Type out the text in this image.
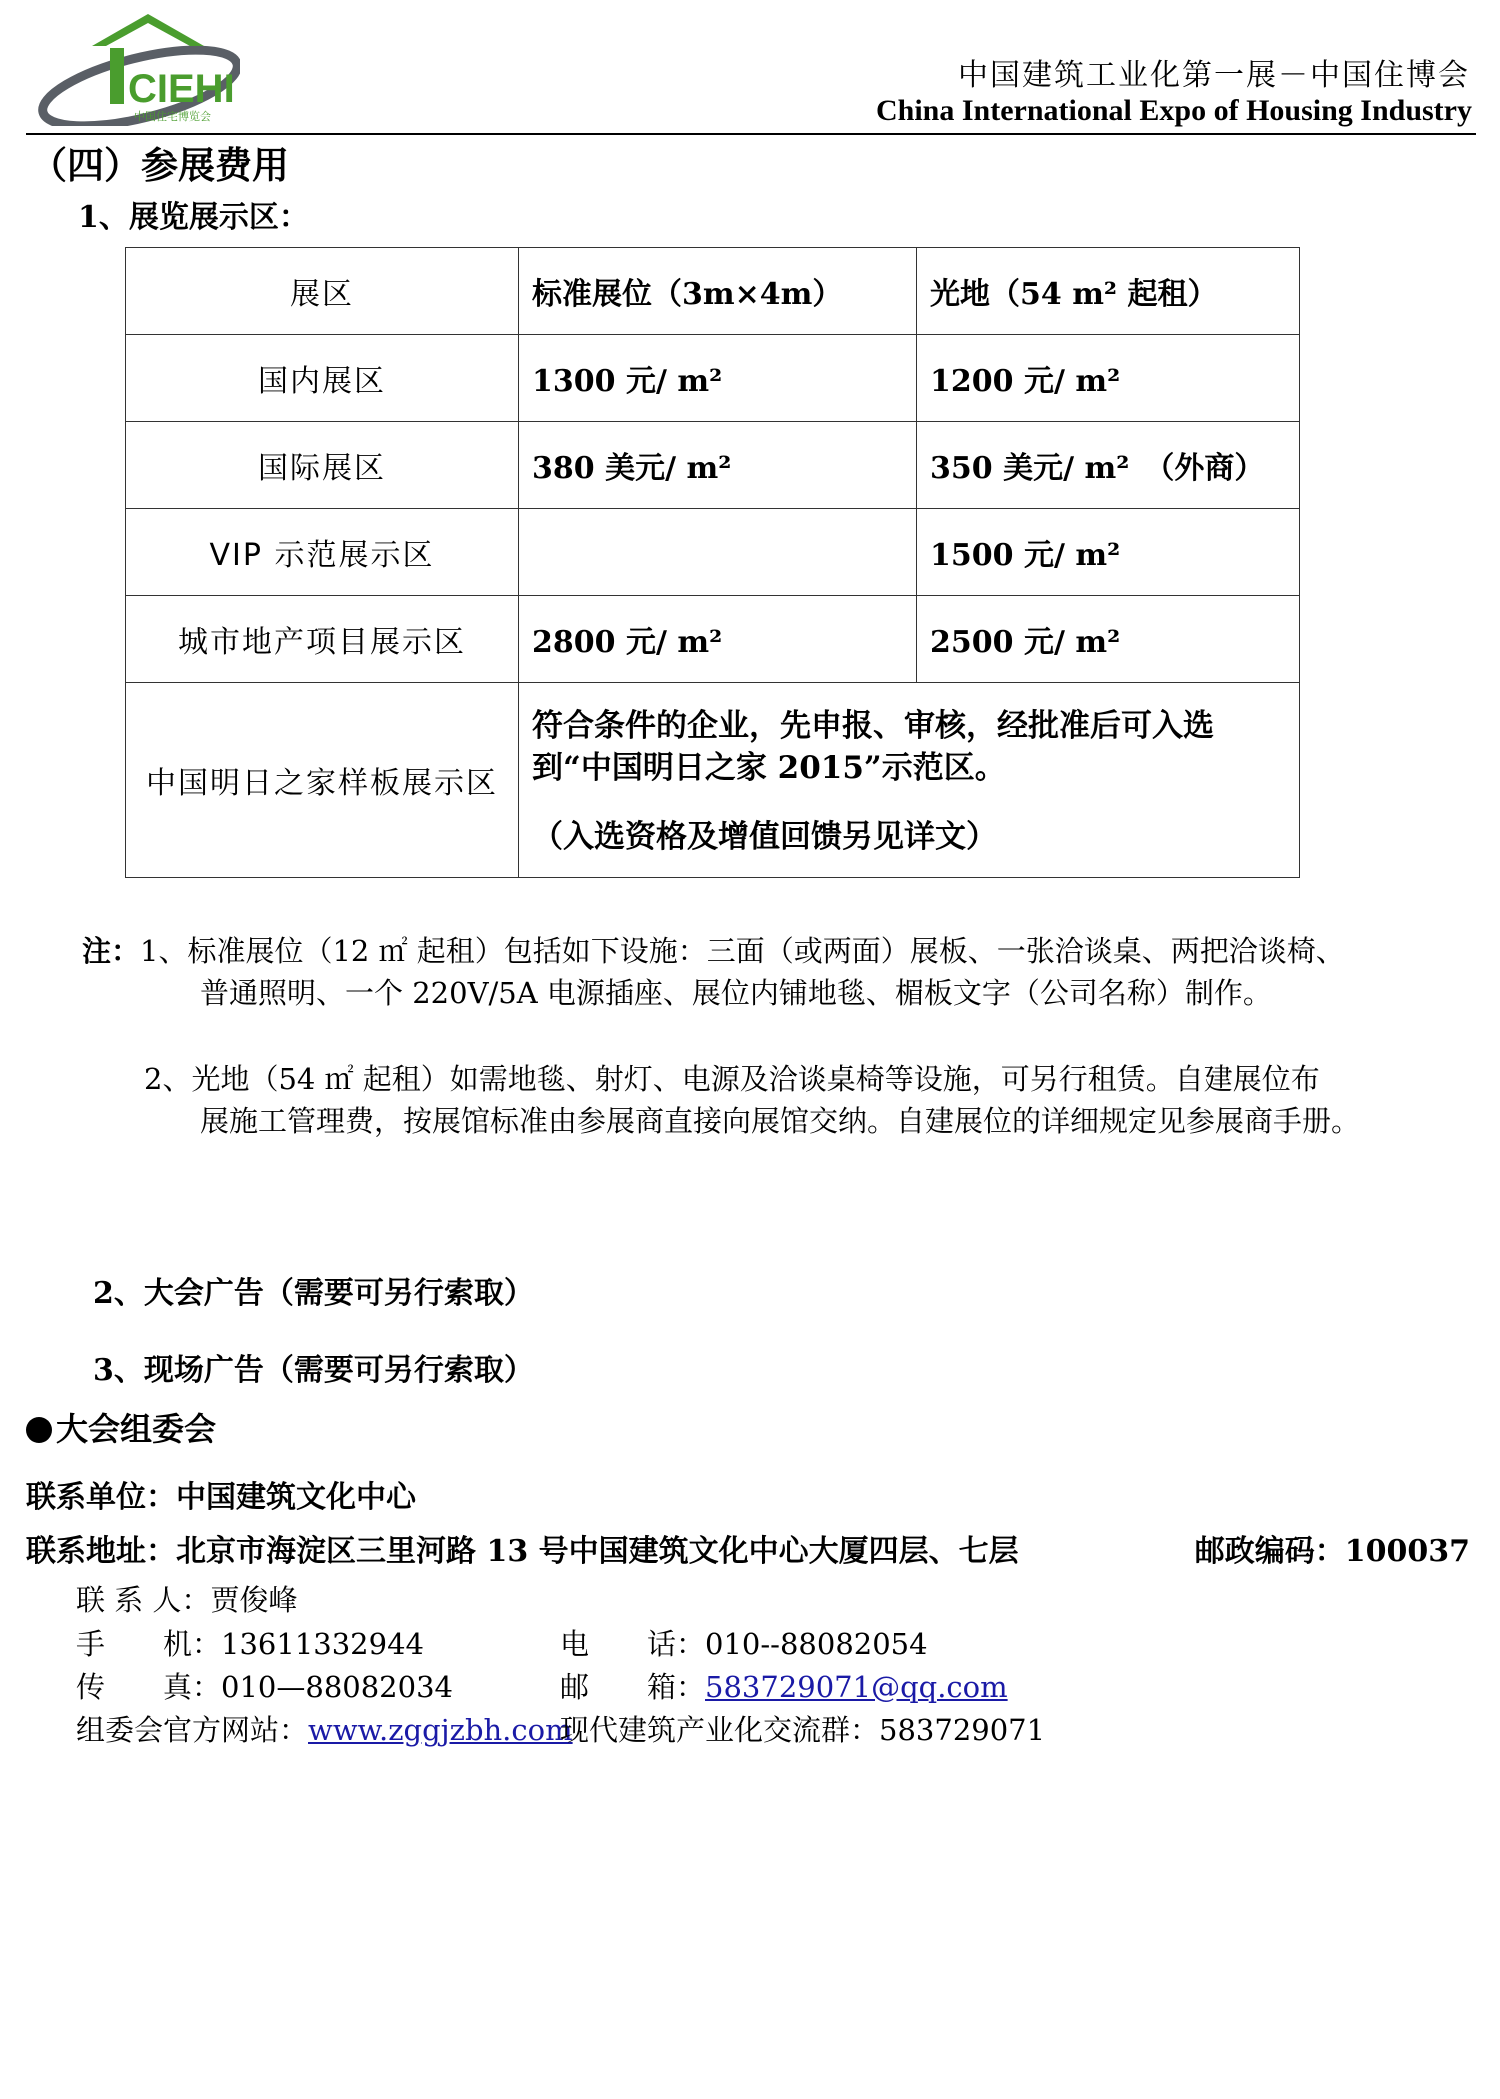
CIEHI
中国住宅博览会
中国建筑工业化第一展－中国住博会
China International Expo of Housing Industry
（四）参展费用
1、展览展示区：
展区	标准展位（3m×4m）	光地（54 m² 起租）
国内展区	1300 元/ m²	1200 元/ m²
国际展区	380 美元/ m²	350 美元/ m²　（外商）
VIP 示范展示区		1500 元/ m²
城市地产项目展示区	2800 元/ m²	2500 元/ m²
中国明日之家样板展示区	符合条件的企业，先申报、审核，经批准后可入选到“中国明日之家 2015”示范区。
（入选资格及增值回馈另见详文）	
注：1、标准展位（12 ㎡ 起租）包括如下设施：三面（或两面）展板、一张洽谈桌、两把洽谈椅、
普通照明、一个 220V/5A 电源插座、展位内铺地毯、楣板文字（公司名称）制作。
2、光地（54 ㎡ 起租）如需地毯、射灯、电源及洽谈桌椅等设施，可另行租赁。自建展位布
展施工管理费，按展馆标准由参展商直接向展馆交纳。自建展位的详细规定见参展商手册。
2、大会广告（需要可另行索取）
3、现场广告（需要可另行索取）
大会组委会
联系单位：中国建筑文化中心
联系地址：北京市海淀区三里河路 13 号中国建筑文化中心大厦四层、七层	邮政编码：100037
联 系 人：贾俊峰
手　　机：13611332944	电　　话：010--88082054
传　　真：010—88082034	邮　　箱：583729071@qq.com
组委会官方网站：www.zggjzbh.com
现代建筑产业化交流群：583729071
